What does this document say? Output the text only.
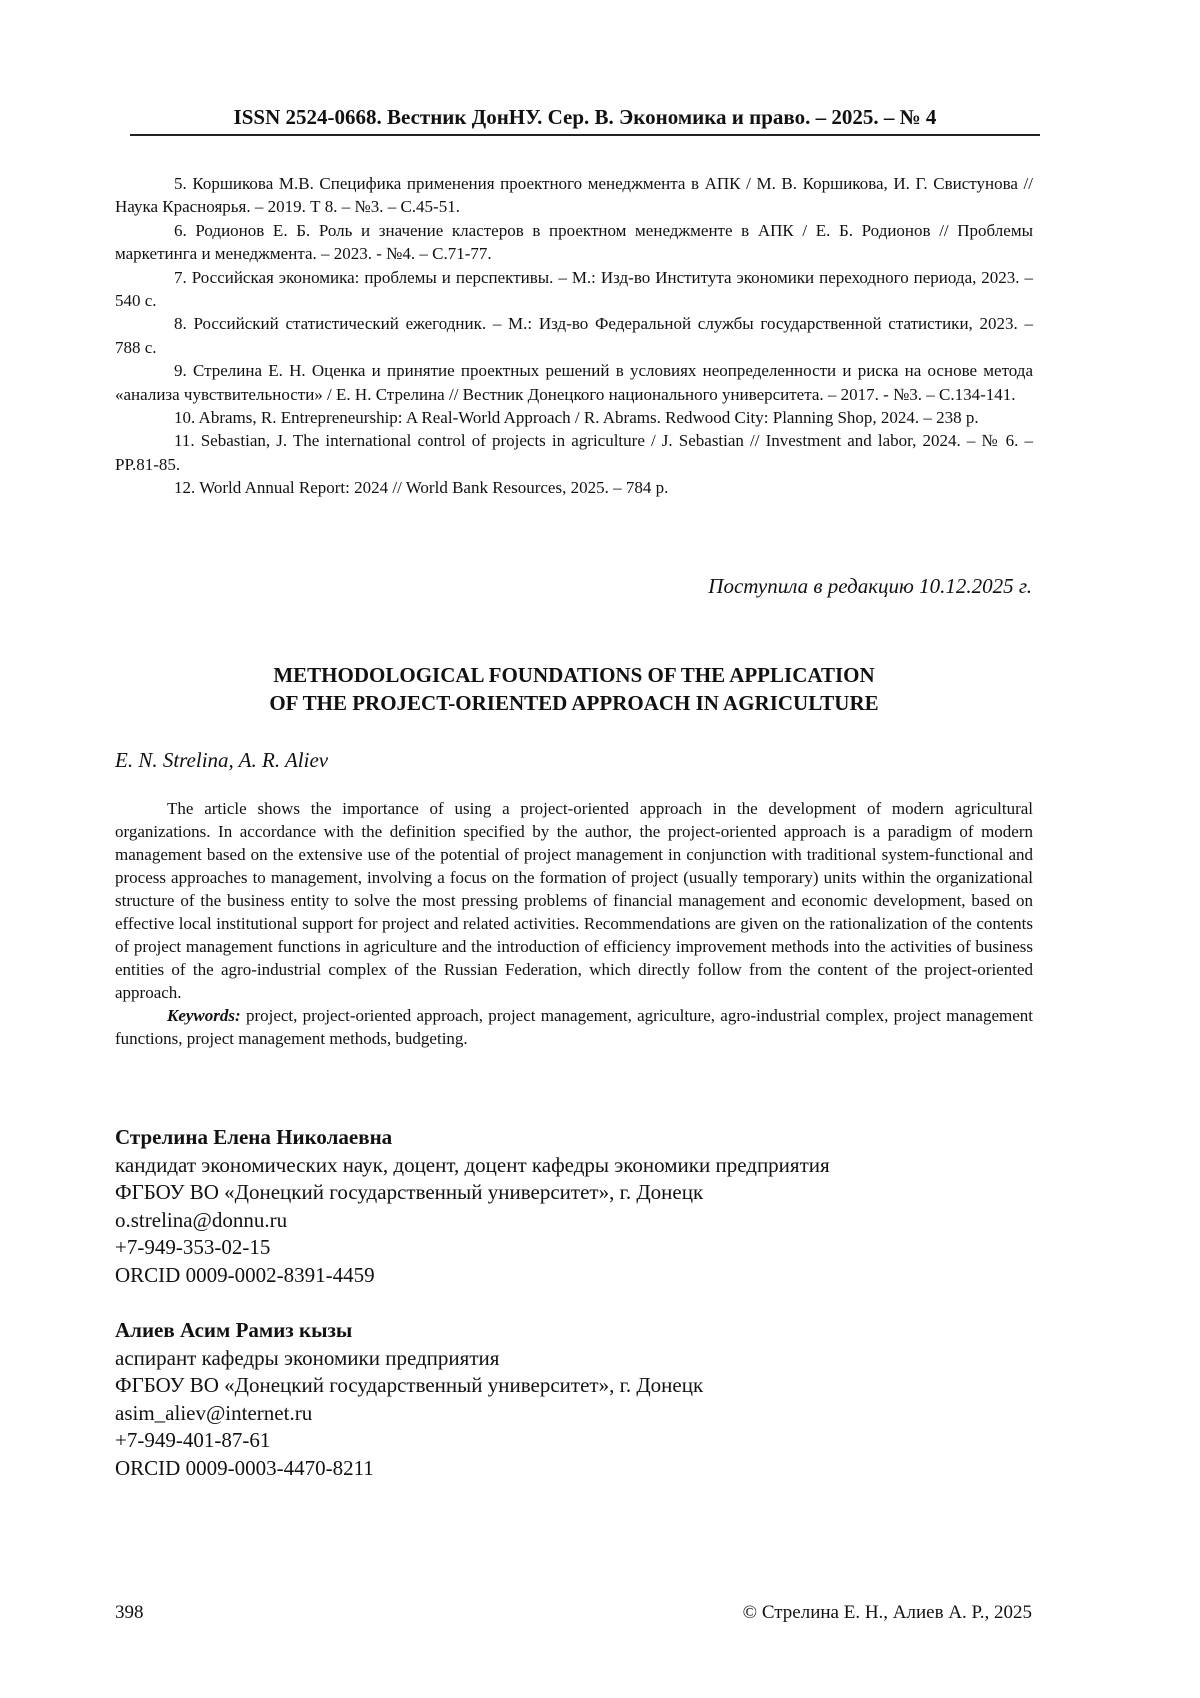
ISSN 2524-0668. Вестник ДонНУ. Сер. В. Экономика и право. – 2025. – № 4

5. Коршикова М.В. Специфика применения проектного менеджмента в АПК / М. В. Коршикова, И. Г. Свистунова // Наука Красноярья. – 2019. Т 8. – №3. – С.45-51.

6. Родионов Е. Б. Роль и значение кластеров в проектном менеджменте в АПК / Е. Б. Родионов // Проблемы маркетинга и менеджмента. – 2023. - №4. – С.71-77.

7. Российская экономика: проблемы и перспективы. – М.: Изд-во Института экономики переходного периода, 2023. – 540 с.

8. Российский статистический ежегодник. – М.: Изд-во Федеральной службы государственной статистики, 2023. – 788 с.

9. Стрелина Е. Н. Оценка и принятие проектных решений в условиях неопределенности и риска на основе метода «анализа чувствительности» / Е. Н. Стрелина // Вестник Донецкого национального университета. – 2017. - №3. – С.134-141.

10. Abrams, R. Entrepreneurship: A Real-World Approach / R. Abrams. Redwood City: Planning Shop, 2024. – 238 p.

11. Sebastian, J. The international control of projects in agriculture / J. Sebastian // Investment and labor, 2024. – № 6. – PP.81-85.

12. World Annual Report: 2024 // World Bank Resources, 2025. – 784 p.

Поступила в редакцию 10.12.2025 г.
METHODOLOGICAL FOUNDATIONS OF THE APPLICATION
OF THE PROJECT-ORIENTED APPROACH IN AGRICULTURE
E. N. Strelina, A. R. Aliev

The article shows the importance of using a project-oriented approach in the development of modern agricultural organizations. In accordance with the definition specified by the author, the project-oriented approach is a paradigm of modern management based on the extensive use of the potential of project management in conjunction with traditional system-functional and process approaches to management, involving a focus on the formation of project (usually temporary) units within the organizational structure of the business entity to solve the most pressing problems of financial management and economic development, based on effective local institutional support for project and related activities. Recommendations are given on the rationalization of the contents of project management functions in agriculture and the introduction of efficiency improvement methods into the activities of business entities of the agro-industrial complex of the Russian Federation, which directly follow from the content of the project-oriented approach.

Keywords: project, project-oriented approach, project management, agriculture, agro-industrial complex, project management functions, project management methods, budgeting.

Стрелина Елена Николаевна
кандидат экономических наук, доцент, доцент кафедры экономики предприятия
ФГБОУ ВО «Донецкий государственный университет», г. Донецк
o.strelina@donnu.ru
+7-949-353-02-15
ORCID 0009-0002-8391-4459
Алиев Асим Рамиз кызы
аспирант кафедры экономики предприятия
ФГБОУ ВО «Донецкий государственный университет», г. Донецк
asim_aliev@internet.ru
+7-949-401-87-61
ORCID 0009-0003-4470-8211
398	© Стрелина Е. Н., Алиев А. Р., 2025
